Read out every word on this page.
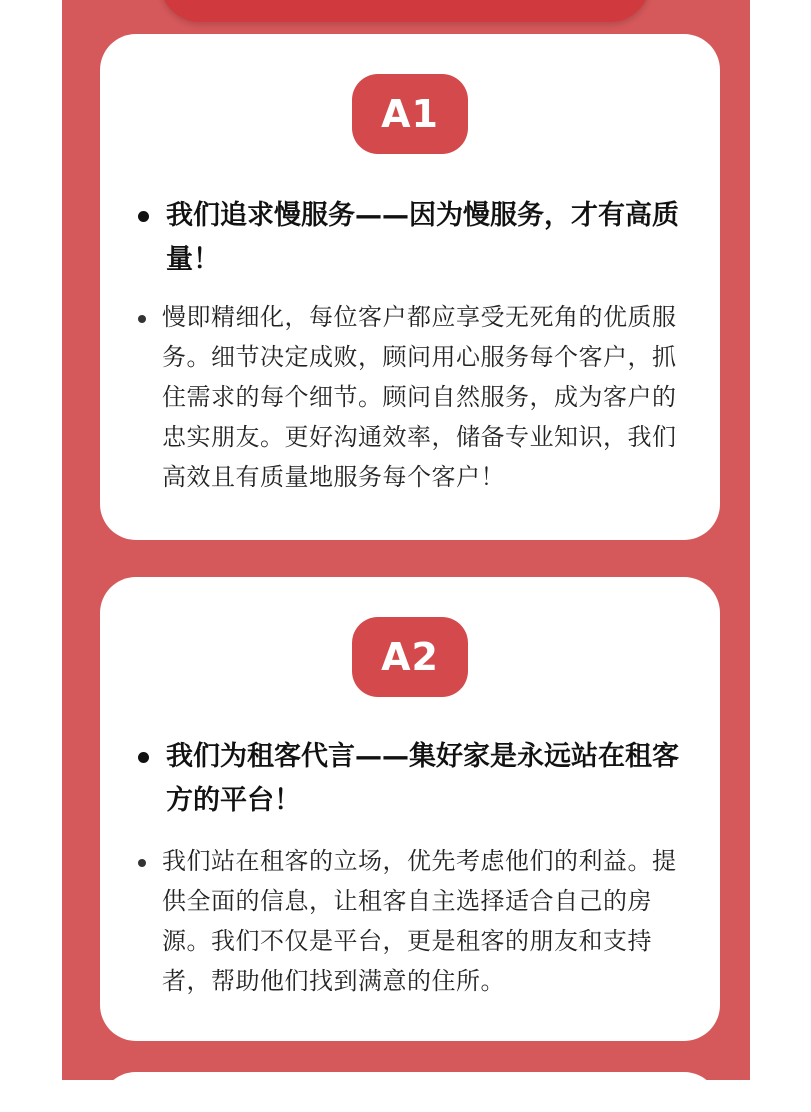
A1
我们追求慢服务——因为慢服务，才有高质量！
慢即精细化，每位客户都应享受无死角的优质服务。细节决定成败，顾问用心服务每个客户，抓住需求的每个细节。顾问自然服务，成为客户的忠实朋友。更好沟通效率，储备专业知识，我们高效且有质量地服务每个客户！
A2
我们为租客代言——集好家是永远站在租客方的平台！
我们站在租客的立场，优先考虑他们的利益。提供全面的信息，让租客自主选择适合自己的房源。我们不仅是平台，更是租客的朋友和支持者，帮助他们找到满意的住所。
